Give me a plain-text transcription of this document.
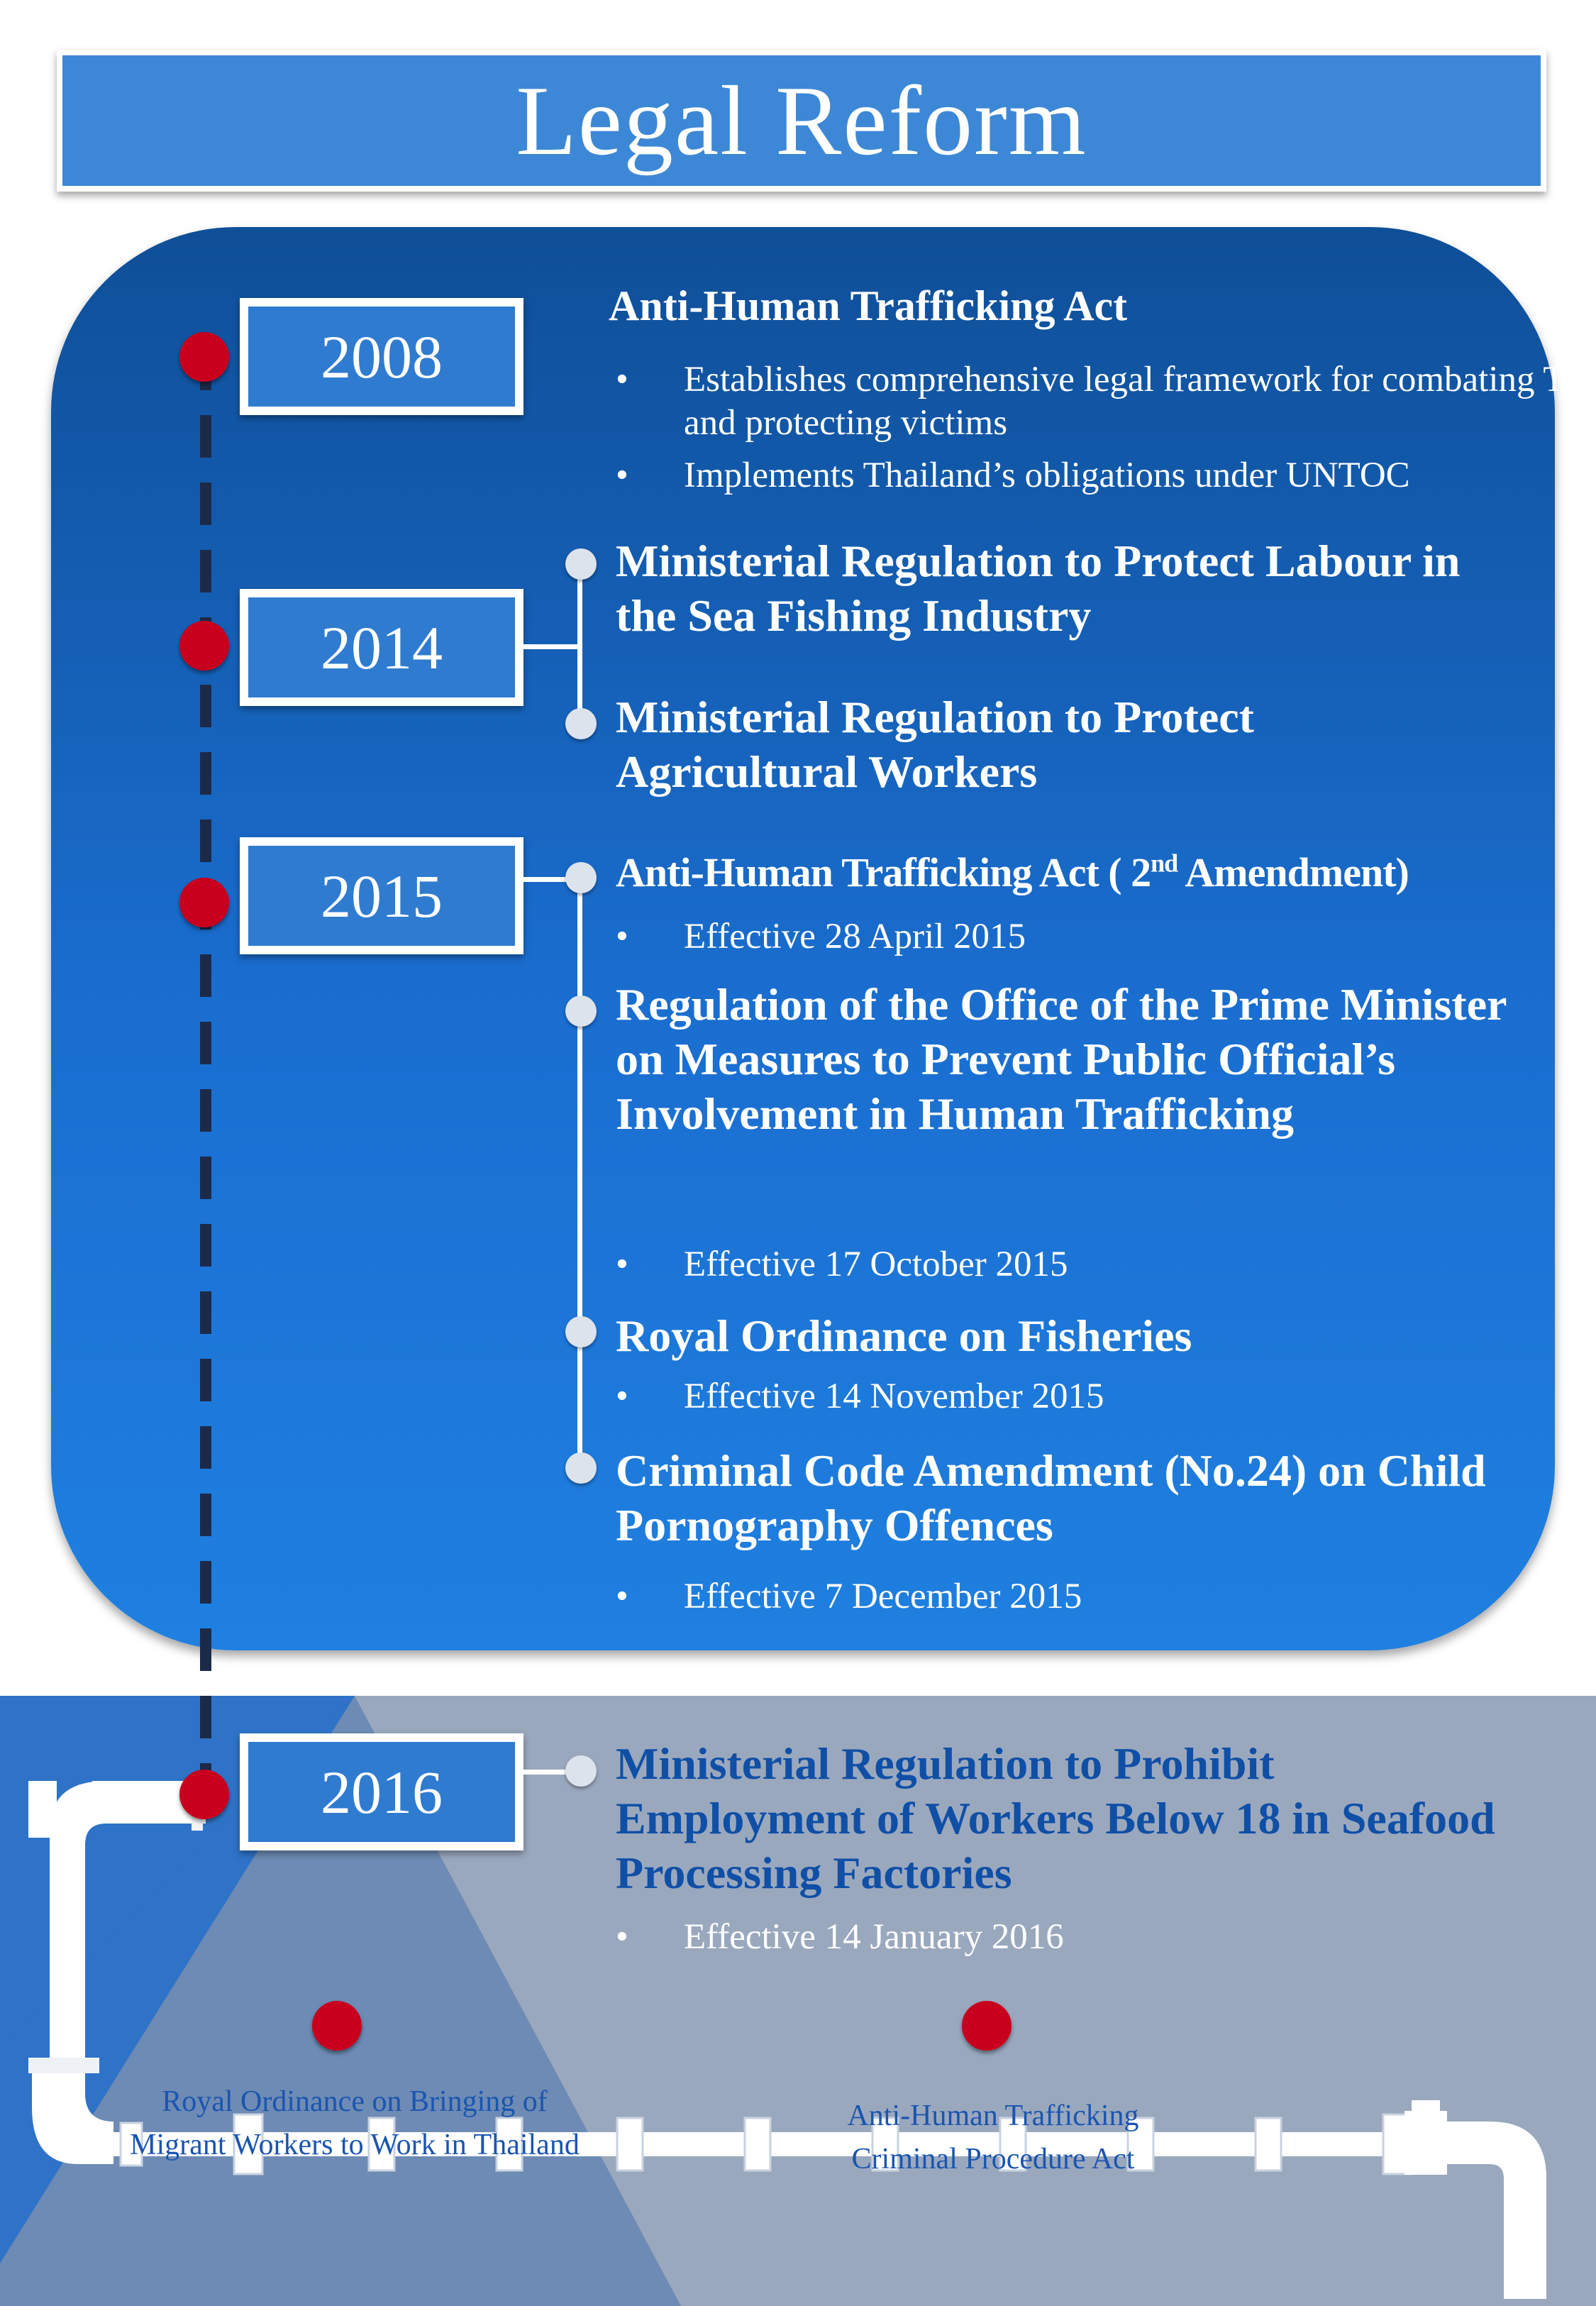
Legal Reform
Royal Ordinance on Bringing of Migrant Workers to Work in Thailand
Anti-Human Trafficking Criminal Procedure Act
2008
Anti-Human Trafficking Act
• Establishes comprehensive legal framework for combating TIP and protecting victims
• Implements Thailand’s obligations under UNTOC
2014
Ministerial Regulation to Protect Labour in the Sea Fishing Industry
Ministerial Regulation to Protect Agricultural Workers
2015	Anti-Human Trafficking Act ( 2nd Amendment)
• Effective 28 April 2015
Regulation of the Office of the Prime Minister on Measures to Prevent Public Official’s Involvement in Human Trafficking
• Effective 17 October 2015
Royal Ordinance on Fisheries
• Effective 14 November 2015
Criminal Code Amendment (No.24) on Child Pornography Offences
• Effective 7 December 2015
2016	Ministerial Regulation to Prohibit Employment of Workers Below 18 in Seafood Processing Factories
• Effective 14 January 2016
